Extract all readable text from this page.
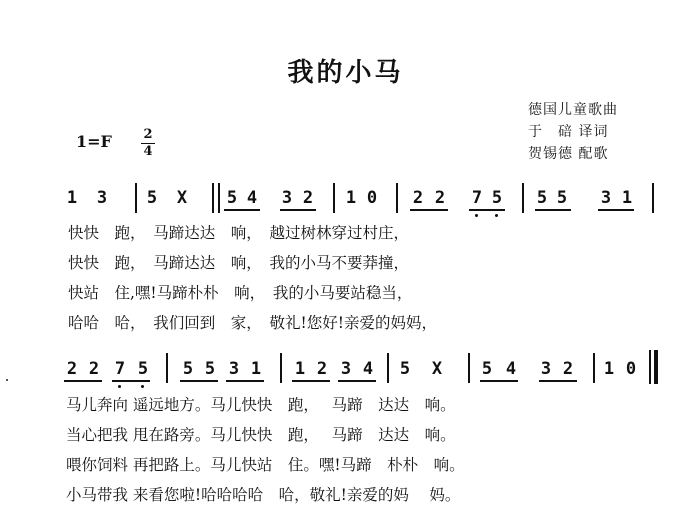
我的小马
德国儿童歌曲
于　碚 译词
贺锡德 配歌
1=F 2
4
1 3 5 X 5 4 3 2 1 0 2 2 7 5 5 5 3 1
快快　跑，　马蹄达达　响，　越过树林穿过村庄，
快快　跑，　马蹄达达　响，　我的小马不要莽撞，
快站　住,嘿!马蹄朴朴　响，　我的小马要站稳当，
哈哈　哈，　我们回到　家，　敬礼!您好!亲爱的妈妈，
2 2 7 5 5 5 3 1 1 2 3 4 5 X 5 4 3 2 1 0
马儿奔向 遥远地方。马儿快快　跑，　 马蹄　达达　响。
当心把我 甩在路旁。马儿快快　跑，　 马蹄　达达　响。
喂你饲料 再把路上。马儿快站　住。嘿!马蹄　朴朴　响。
小马带我 来看您啦!哈哈哈哈　哈，敬礼!亲爱的妈　 妈。
